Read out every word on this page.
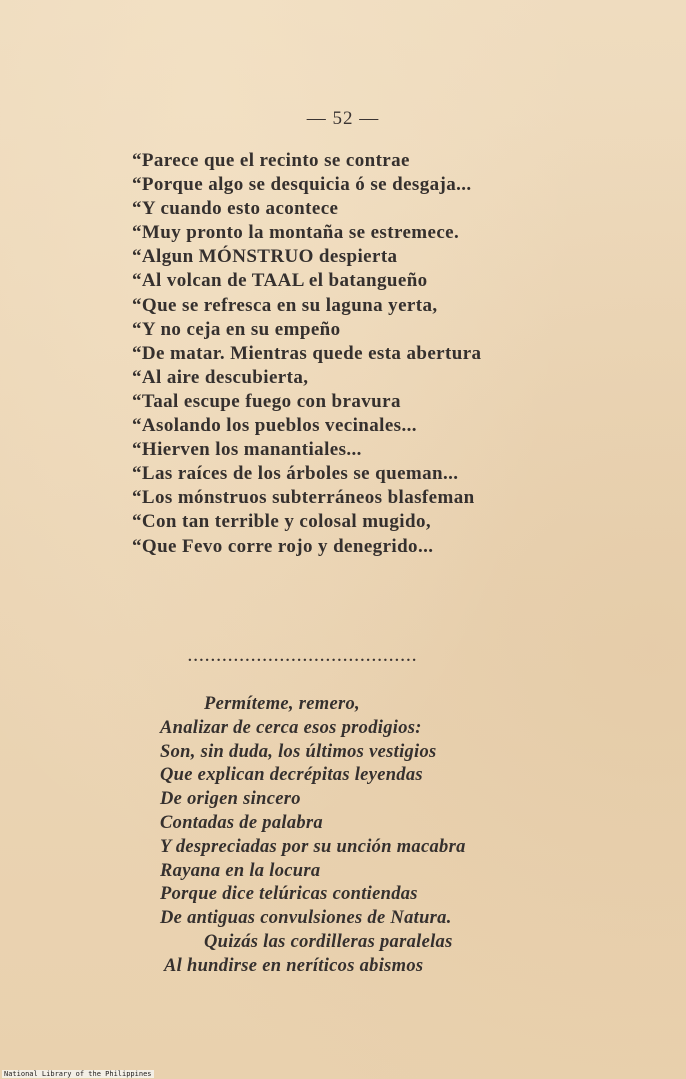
— 52 —
“Parece que el recinto se contrae
“Porque algo se desquicia ó se desgaja...
“Y cuando esto acontece
“Muy pronto la montaña se estremece.
“Algun MÓNSTRUO despierta
“Al volcan de TAAL el batangueño
“Que se refresca en su laguna yerta,
“Y no ceja en su empeño
“De matar. Mientras quede esta abertura
“Al aire descubierta,
“Taal escupe fuego con bravura
“Asolando los pueblos vecinales...
“Hierven los manantiales...
“Las raíces de los árboles se queman...
“Los mónstruos subterráneos blasfeman
“Con tan terrible y colosal mugido,
“Que Fevo corre rojo y denegrido...
........................................
Permíteme, remero,
Analizar de cerca esos prodigios:
Son, sin duda, los últimos vestigios
Que explican decrépitas leyendas
De origen sincero
Contadas de palabra
Y despreciadas por su unción macabra
Rayana en la locura
Porque dice telúricas contiendas
De antiguas convulsiones de Natura.
Quizás las cordilleras paralelas
Al hundirse en neríticos abismos
National Library of the Philippines
